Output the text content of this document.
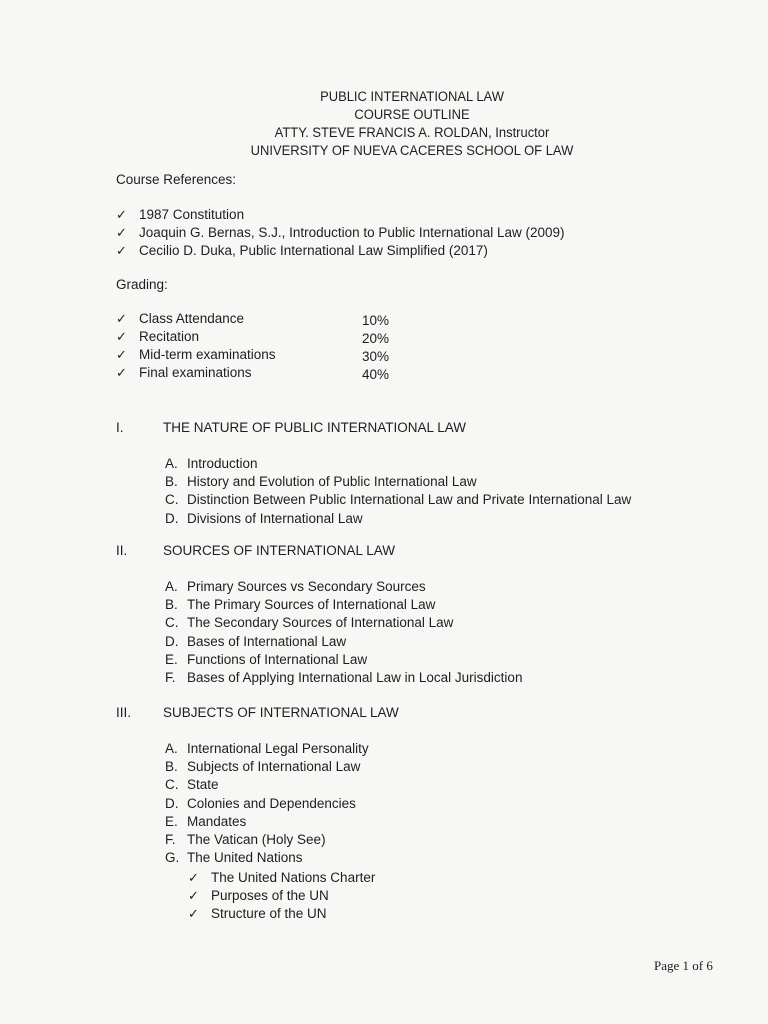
PUBLIC INTERNATIONAL LAW
COURSE OUTLINE
ATTY. STEVE FRANCIS A. ROLDAN, Instructor
UNIVERSITY OF NUEVA CACERES SCHOOL OF LAW
Course References:
✓ 1987 Constitution
✓ Joaquin G. Bernas, S.J., Introduction to Public International Law (2009)
✓ Cecilio D. Duka, Public International Law Simplified (2017)
Grading:
✓ Class Attendance	10%
✓ Recitation	20%
✓ Mid-term examinations	30%
✓ Final examinations	40%
I.	THE NATURE OF PUBLIC INTERNATIONAL LAW
A. Introduction
B. History and Evolution of Public International Law
C. Distinction Between Public International Law and Private International Law
D. Divisions of International Law
II.	SOURCES OF INTERNATIONAL LAW
A. Primary Sources vs Secondary Sources
B. The Primary Sources of International Law
C. The Secondary Sources of International Law
D. Bases of International Law
E. Functions of International Law
F. Bases of Applying International Law in Local Jurisdiction
III. SUBJECTS OF INTERNATIONAL LAW
A. International Legal Personality
B. Subjects of International Law
C. State
D. Colonies and Dependencies
E. Mandates
F. The Vatican (Holy See)
G. The United Nations
✓ The United Nations Charter
✓ Purposes of the UN
✓ Structure of the UN
Page 1 of 6
